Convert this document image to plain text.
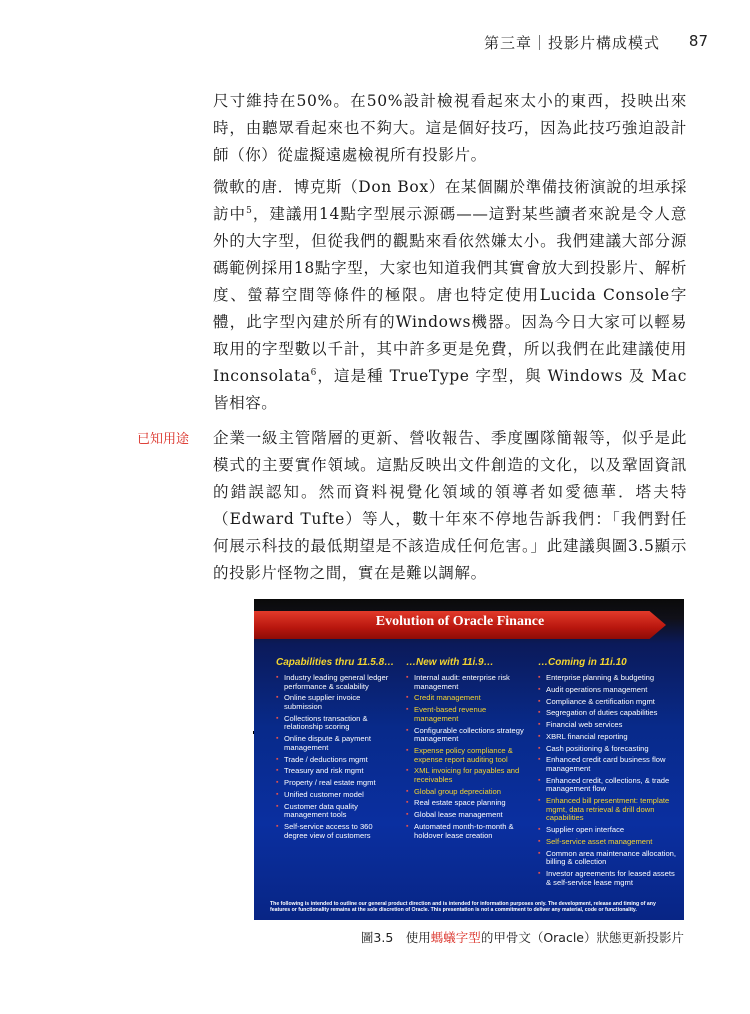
第三章｜投影片構成模式 87

尺寸維持在50%。在50%設計檢視看起來太小的東西，投映出來時，由聽眾看起來也不夠大。這是個好技巧，因為此技巧強迫設計師（你）從虛擬遠處檢視所有投影片。

微軟的唐．博克斯（Don Box）在某個關於準備技術演說的坦承採訪中$^5$，建議用14點字型展示源碼——這對某些讀者來說是令人意外的大字型，但從我們的觀點來看依然嫌太小。我們建議大部分源碼範例採用18點字型，大家也知道我們其實會放大到投影片、解析度、螢幕空間等條件的極限。唐也特定使用Lucida Console字體，此字型內建於所有的Windows機器。因為今日大家可以輕易取用的字型數以千計，其中許多更是免費，所以我們在此建議使用 Inconsolata$^6$，這是種 TrueType 字型，與 Windows 及 Mac 皆相容。

已知用途 企業一級主管階層的更新、營收報告、季度團隊簡報等，似乎是此模式的主要實作領域。這點反映出文件創造的文化，以及鞏固資訊的錯誤認知。然而資料視覺化領域的領導者如愛德華．塔夫特（Edward Tufte）等人，數十年來不停地告訴我們：「我們對任何展示科技的最低期望是不該造成任何危害。」此建議與圖3.5顯示的投影片怪物之間，實在是難以調解。

Evolution of Oracle Finance
Capabilities thru 11.5.8…
▪ Industry leading general ledger performance & scalability
▪ Online supplier invoice submission
▪ Collections transaction & relationship scoring
▪ Online dispute & payment management
▪ Trade / deductions mgmt
▪ Treasury and risk mgmt
▪ Property / real estate mgmt
▪ Unified customer model
▪ Customer data quality management tools
▪ Self-service access to 360 degree view of customers
…New with 11i.9…
▪ Internal audit: enterprise risk management
▪ Credit management
▪ Event-based revenue management
▪ Configurable collections strategy management
▪ Expense policy compliance & expense report auditing tool
▪ XML invoicing for payables and receivables
▪ Global group depreciation
▪ Real estate space planning
▪ Global lease management
▪ Automated month-to-month & holdover lease creation
…Coming in 11i.10
▪ Enterprise planning & budgeting
▪ Audit operations management
▪ Compliance & certification mgmt
▪ Segregation of duties capabilities
▪ Financial web services
▪ XBRL financial reporting
▪ Cash positioning & forecasting
▪ Enhanced credit card business flow management
▪ Enhanced credit, collections, & trade management flow
▪ Enhanced bill presentment: template mgmt, data retrieval & drill down capabilities
▪ Supplier open interface
▪ Self-service asset management
▪ Common area maintenance allocation, billing & collection
▪ Investor agreements for leased assets & self-service lease mgmt
The following is intended to outline our general product direction and is intended for information purposes only. The development, release and timing of any features or functionality remains at the sole discretion of Oracle. This presentation is not a commitment to deliver any material, code or functionality.
圖3.5　使用螞蟻字型的甲骨文（Oracle）狀態更新投影片
